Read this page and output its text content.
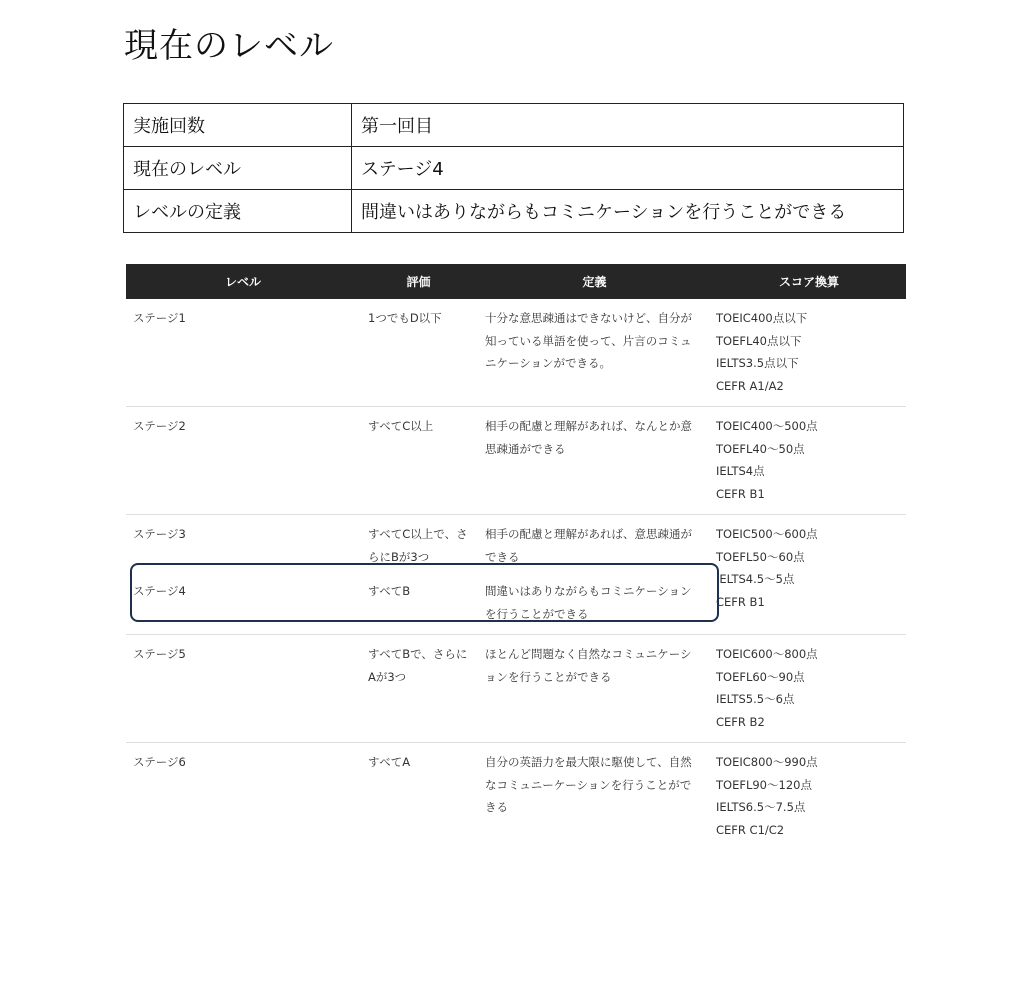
現在のレベル
実施回数	第一回目
現在のレベル	ステージ4
レベルの定義	間違いはありながらもコミニケーションを行うことができる
レベル	評価	定義	スコア換算
ステージ1	1つでもD以下	十分な意思疎通はできないけど、自分が
知っている単語を使って、片言のコミュ
ニケーションができる。	TOEIC400点以下
TOEFL40点以下
IELTS3.5点以下
CEFR A1/A2

ステージ2	すべてC以上	相手の配慮と理解があれば、なんとか意
思疎通ができる	TOEIC400〜500点
TOEFL40〜50点
IELTS4点
CEFR B1

ステージ3	すべてC以上で、さ
らにBが3つ	相手の配慮と理解があれば、意思疎通が
できる	TOEIC500〜600点
TOEFL50〜60点
IELTS4.5〜5点
CEFR B1

ステージ4	すべてB	間違いはありながらもコミニケーション
を行うことができる	

ステージ5	すべてBで、さらに
Aが3つ	ほとんど問題なく自然なコミュニケーシ
ョンを行うことができる	TOEIC600〜800点
TOEFL60〜90点
IELTS5.5〜6点
CEFR B2

ステージ6	すべてA	自分の英語力を最大限に駆使して、自然
なコミュニーケーションを行うことがで
きる	TOEIC800〜990点
TOEFL90〜120点
IELTS6.5〜7.5点
CEFR C1/C2
